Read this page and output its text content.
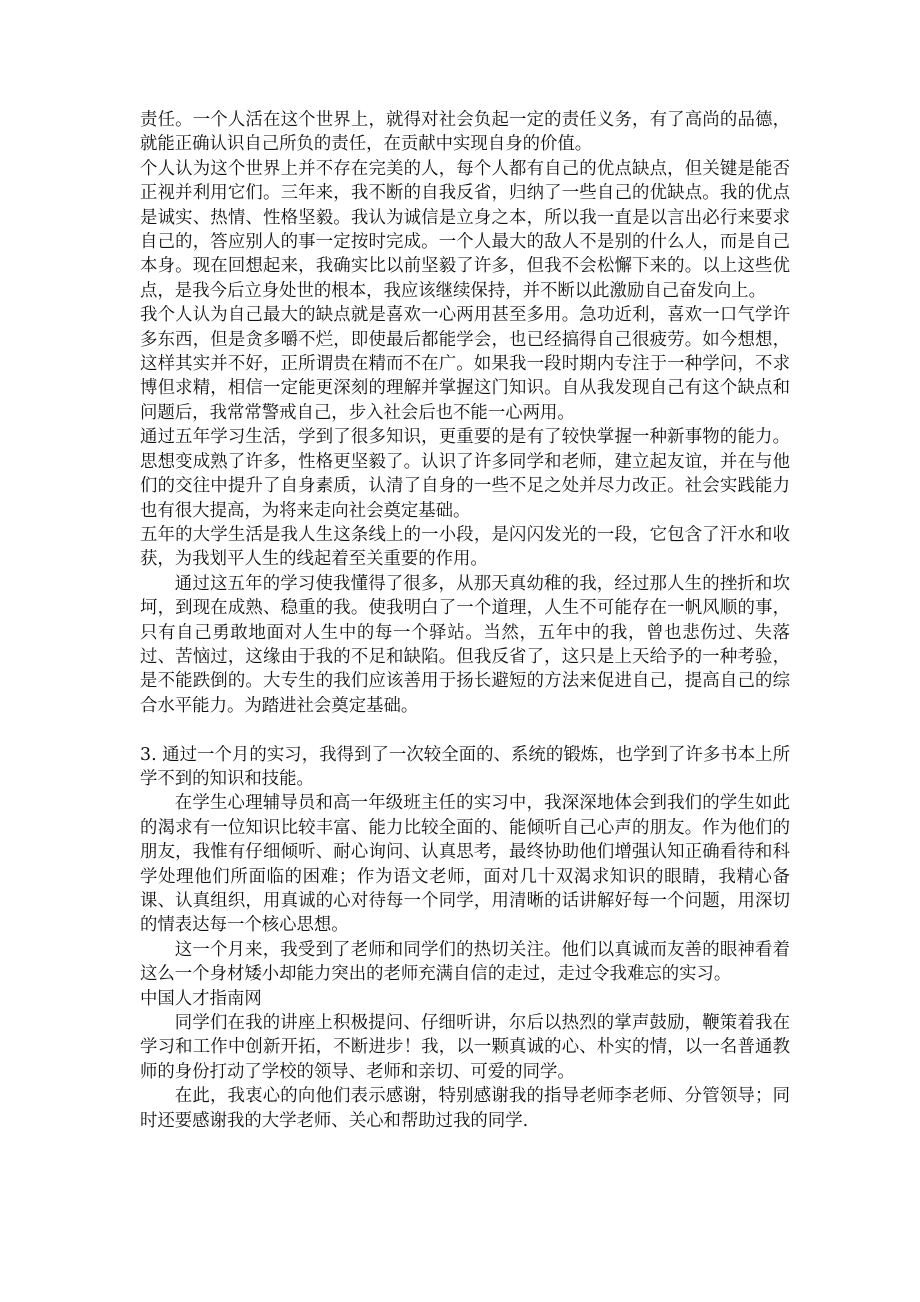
责任。一个人活在这个世界上，就得对社会负起一定的责任义务，有了高尚的品德，就能正确认识自己所负的责任，在贡献中实现自身的价值。

个人认为这个世界上并不存在完美的人，每个人都有自己的优点缺点，但关键是能否正视并利用它们。三年来，我不断的自我反省，归纳了一些自己的优缺点。我的优点是诚实、热情、性格坚毅。我认为诚信是立身之本，所以我一直是以言出必行来要求自己的，答应别人的事一定按时完成。一个人最大的敌人不是别的什么人，而是自己本身。现在回想起来，我确实比以前坚毅了许多，但我不会松懈下来的。以上这些优点，是我今后立身处世的根本，我应该继续保持，并不断以此激励自己奋发向上。

我个人认为自己最大的缺点就是喜欢一心两用甚至多用。急功近利，喜欢一口气学许多东西，但是贪多嚼不烂，即使最后都能学会，也已经搞得自己很疲劳。如今想想，这样其实并不好，正所谓贵在精而不在广。如果我一段时期内专注于一种学问，不求博但求精，相信一定能更深刻的理解并掌握这门知识。自从我发现自己有这个缺点和问题后，我常常警戒自己，步入社会后也不能一心两用。

通过五年学习生活，学到了很多知识，更重要的是有了较快掌握一种新事物的能力。思想变成熟了许多，性格更坚毅了。认识了许多同学和老师，建立起友谊，并在与他们的交往中提升了自身素质，认清了自身的一些不足之处并尽力改正。社会实践能力也有很大提高，为将来走向社会奠定基础。

五年的大学生活是我人生这条线上的一小段，是闪闪发光的一段，它包含了汗水和收获，为我划平人生的线起着至关重要的作用。

通过这五年的学习使我懂得了很多，从那天真幼稚的我，经过那人生的挫折和坎坷，到现在成熟、稳重的我。使我明白了一个道理，人生不可能存在一帆风顺的事，只有自己勇敢地面对人生中的每一个驿站。当然，五年中的我，曾也悲伤过、失落过、苦恼过，这缘由于我的不足和缺陷。但我反省了，这只是上天给予的一种考验，是不能跌倒的。大专生的我们应该善用于扬长避短的方法来促进自己，提高自己的综合水平能力。为踏进社会奠定基础。

3. 通过一个月的实习，我得到了一次较全面的、系统的锻炼，也学到了许多书本上所学不到的知识和技能。

在学生心理辅导员和高一年级班主任的实习中，我深深地体会到我们的学生如此的渴求有一位知识比较丰富、能力比较全面的、能倾听自己心声的朋友。作为他们的朋友，我惟有仔细倾听、耐心询问、认真思考，最终协助他们增强认知正确看待和科学处理他们所面临的困难；作为语文老师，面对几十双渴求知识的眼睛，我精心备课、认真组织，用真诚的心对待每一个同学，用清晰的话讲解好每一个问题，用深切的情表达每一个核心思想。

这一个月来，我受到了老师和同学们的热切关注。他们以真诚而友善的眼神看着这么一个身材矮小却能力突出的老师充满自信的走过，走过令我难忘的实习。

中国人才指南网

同学们在我的讲座上积极提问、仔细听讲，尔后以热烈的掌声鼓励，鞭策着我在学习和工作中创新开拓，不断进步！我，以一颗真诚的心、朴实的情，以一名普通教师的身份打动了学校的领导、老师和亲切、可爱的同学。

在此，我衷心的向他们表示感谢，特别感谢我的指导老师李老师、分管领导；同时还要感谢我的大学老师、关心和帮助过我的同学.
